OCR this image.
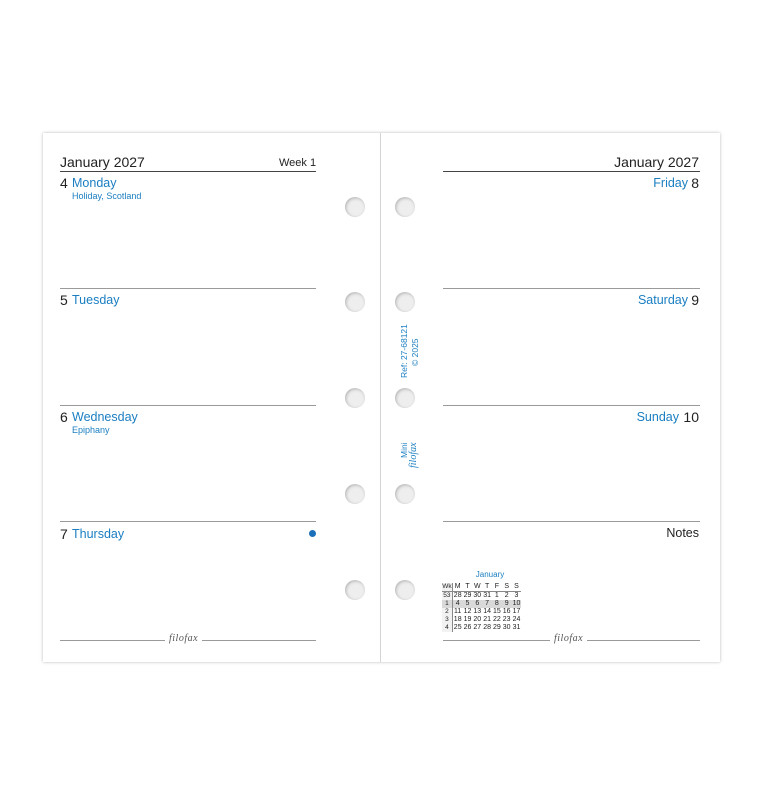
January 2027	Week 1
4 Monday
Holiday, Scotland
5 Tuesday
6 Wednesday
Epiphany
7 Thursday
filofax
Ref: 27-68121 © 2025
Mini filofax
January 2027
8
Friday
9
Saturday
10
Sunday
Notes
January
Wk	M	T	W	T	F	S	S
53	28	29	30	31	1	2	3
1	4	5	6	7	8	9	10
2	11	12	13	14	15	16	17
3	18	19	20	21	22	23	24
4	25	26	27	28	29	30	31
filofax
